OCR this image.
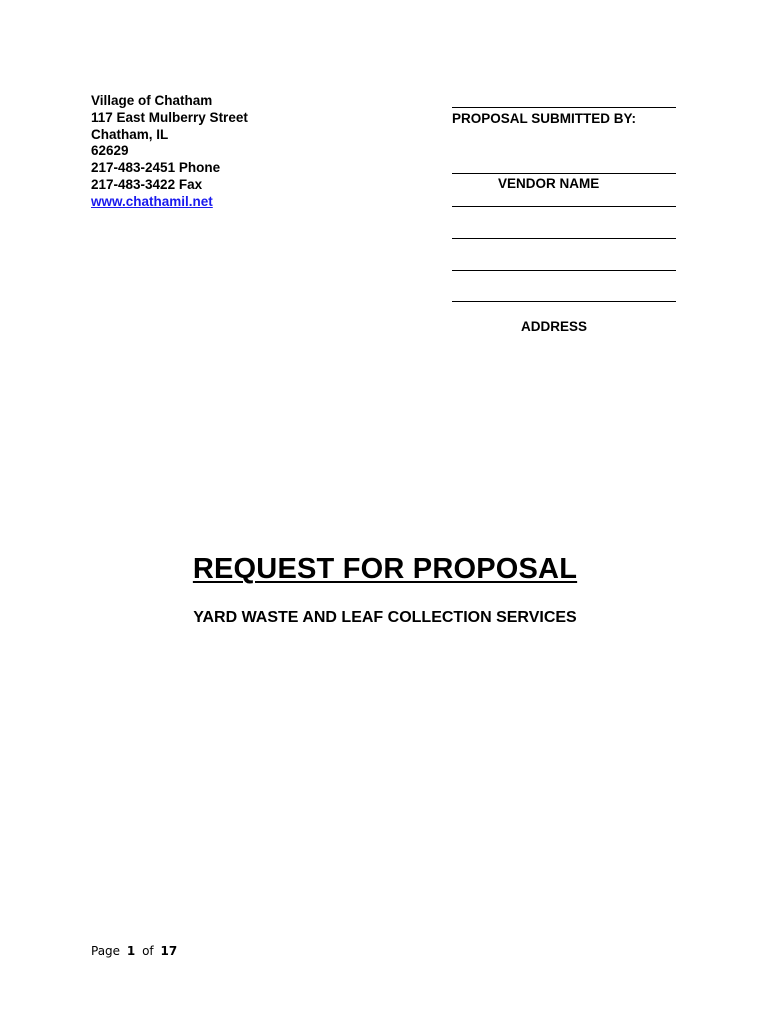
Village of Chatham
117 East Mulberry Street
Chatham, IL
62629
217-483-2451 Phone
217-483-3422 Fax
www.chathamil.net
PROPOSAL SUBMITTED BY:
VENDOR NAME
ADDRESS
REQUEST FOR PROPOSAL
YARD WASTE AND LEAF COLLECTION SERVICES
Page 1 of 17
